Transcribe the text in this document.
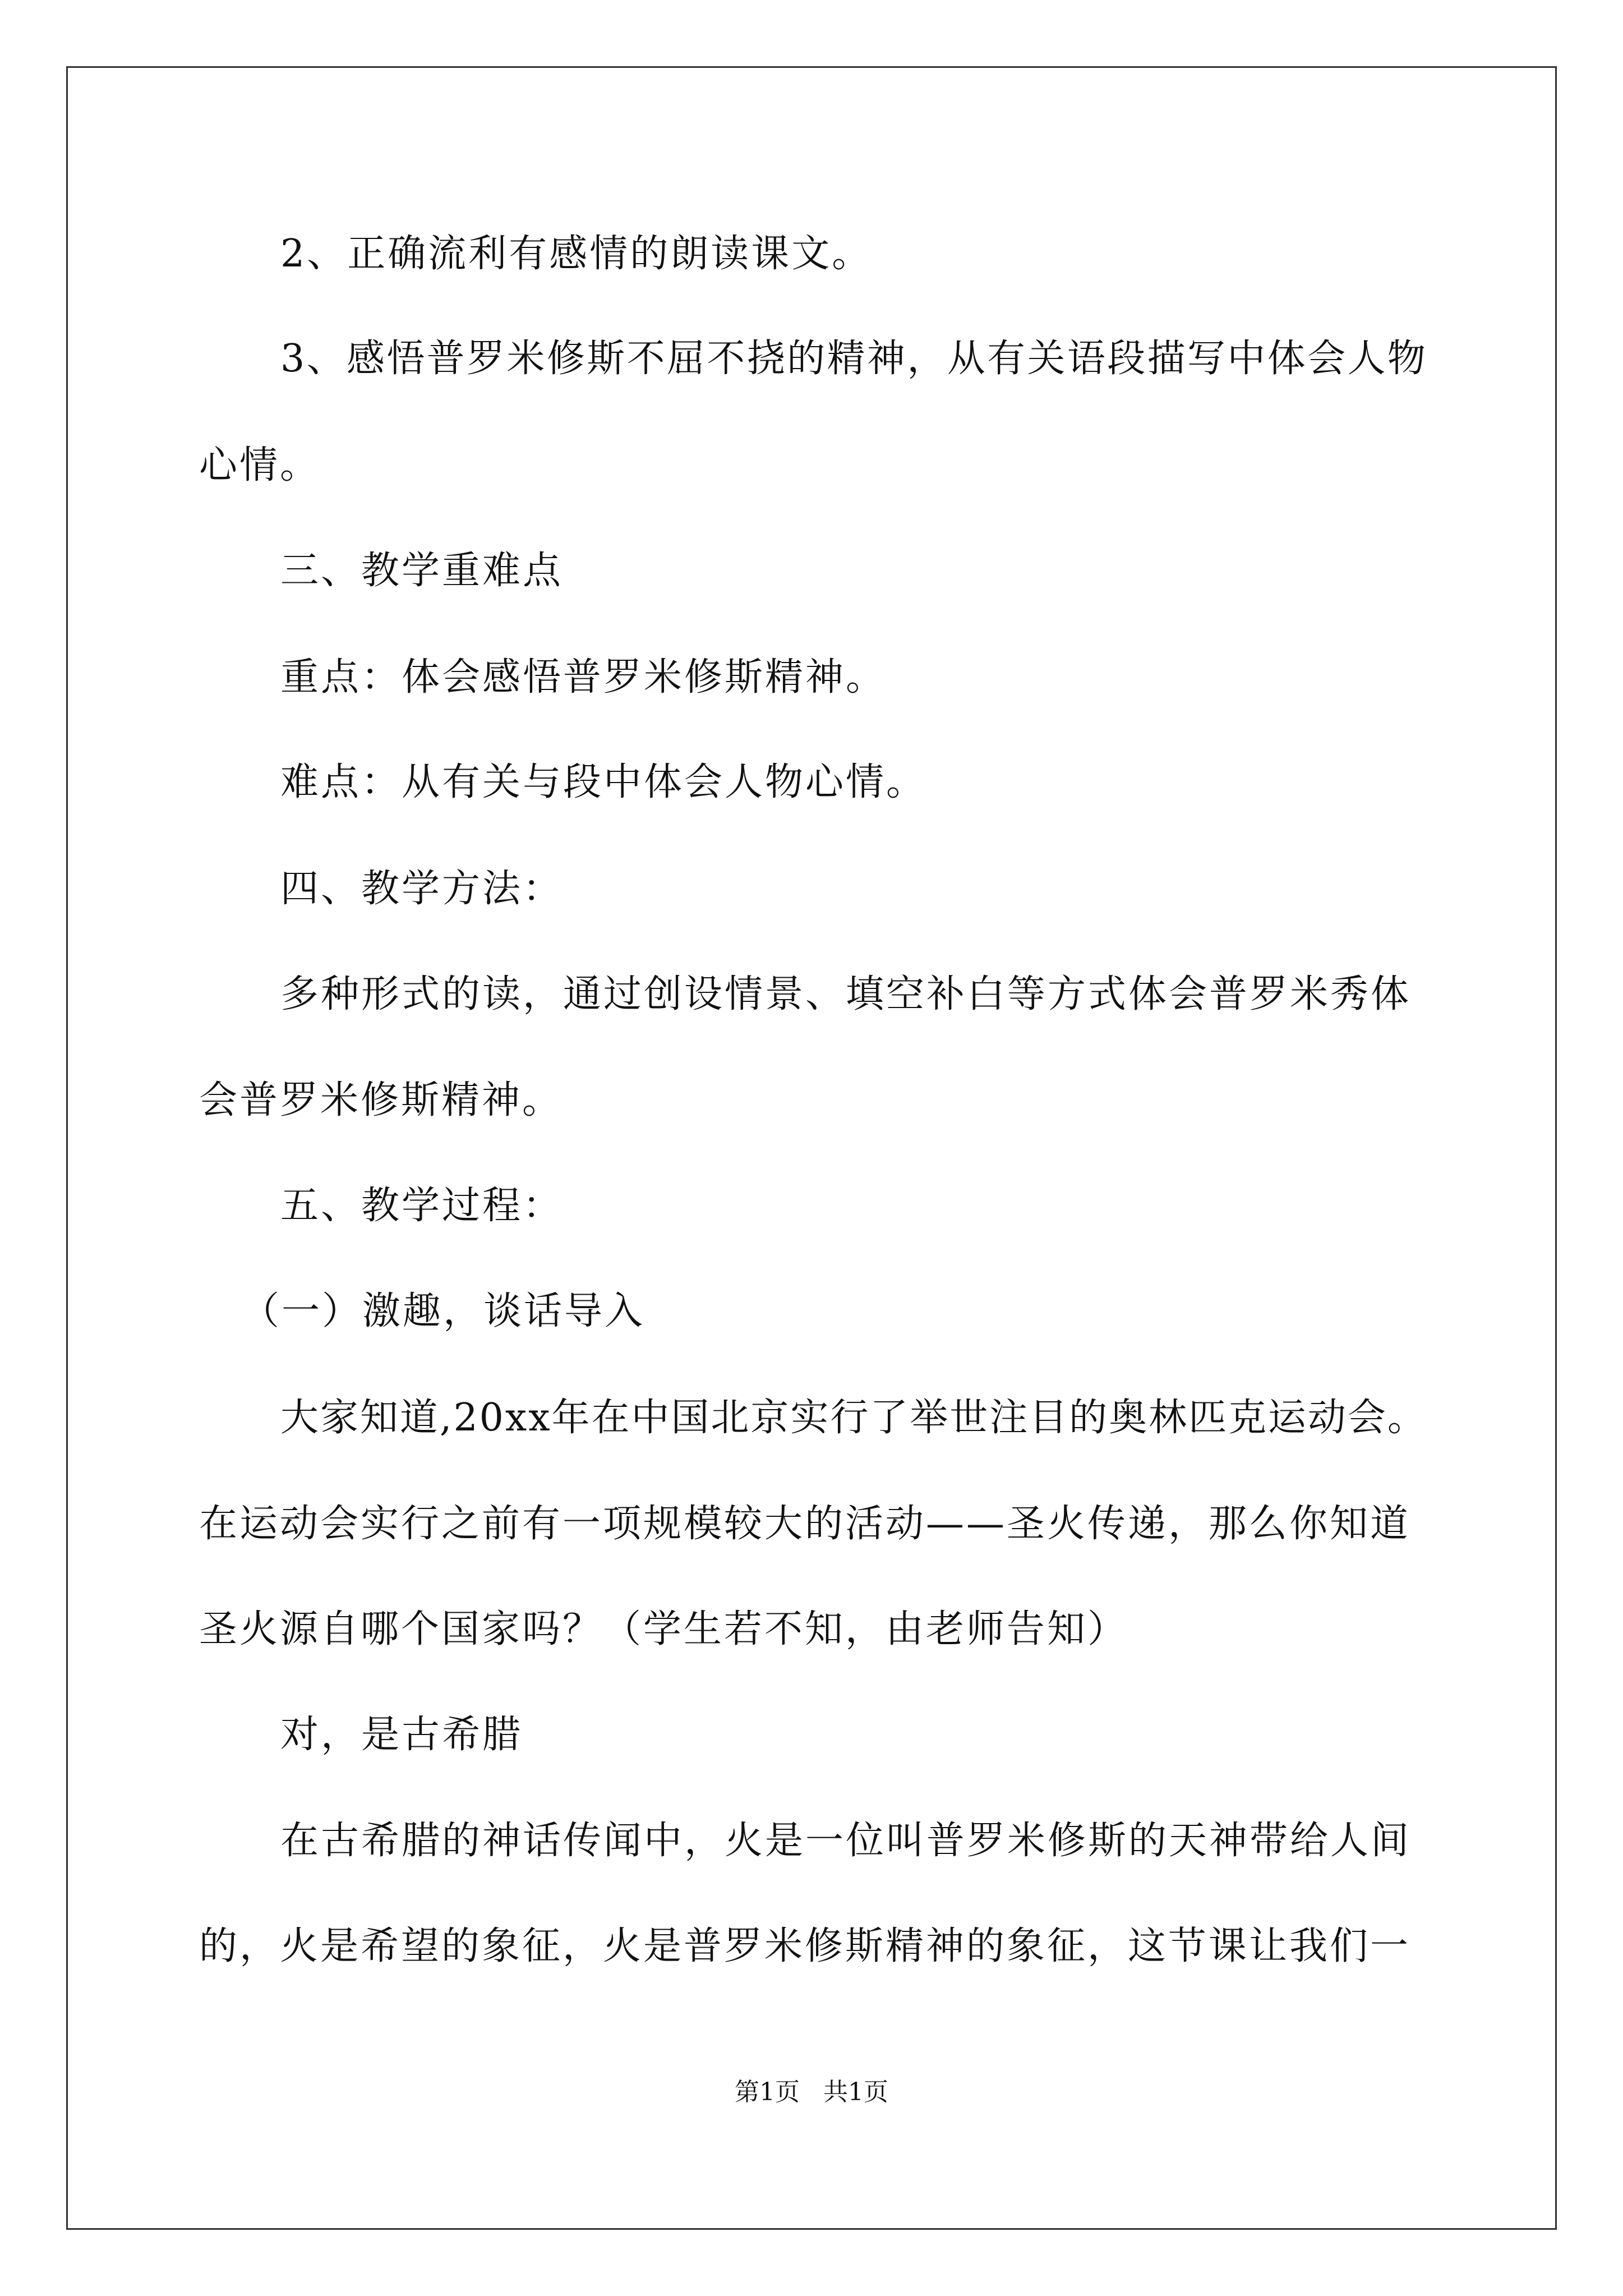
2、正确流利有感情的朗读课文。
3、感悟普罗米修斯不屈不挠的精神，从有关语段描写中体会人物
心情。
三、教学重难点
重点：体会感悟普罗米修斯精神。
难点：从有关与段中体会人物心情。
四、教学方法：
多种形式的读，通过创设情景、填空补白等方式体会普罗米秀体
会普罗米修斯精神。
五、教学过程：
（一）激趣，谈话导入
大家知道,20xx年在中国北京实行了举世注目的奥林匹克运动会。
在运动会实行之前有一项规模较大的活动——圣火传递，那么你知道
圣火源自哪个国家吗？（学生若不知，由老师告知）
对，是古希腊
在古希腊的神话传闻中，火是一位叫普罗米修斯的天神带给人间
的，火是希望的象征，火是普罗米修斯精神的象征，这节课让我们一
第1页   共1页
